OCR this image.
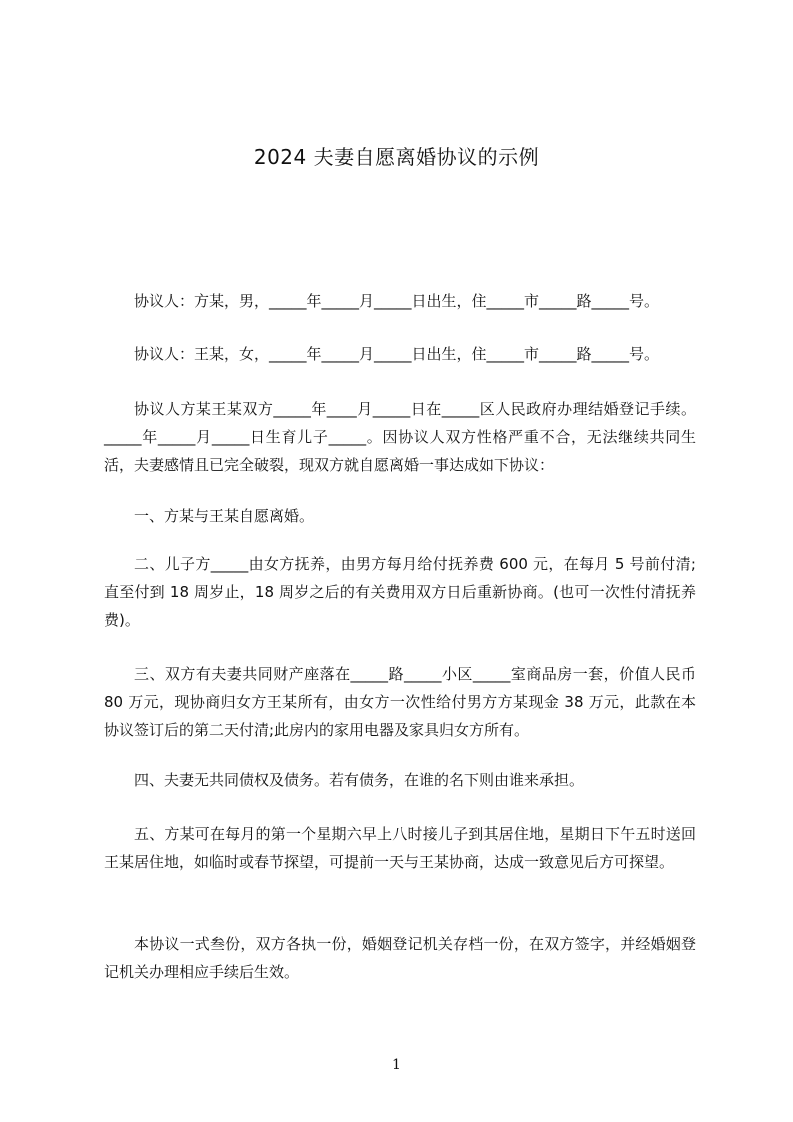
2024 夫妻自愿离婚协议的示例

协议人：方某，男，_____年_____月_____日出生，住_____市_____路_____号。

协议人：王某，女，_____年_____月_____日出生，住_____市_____路_____号。

协议人方某王某双方_____年____月_____日在_____区人民政府办理结婚登记手续。_____年_____月_____日生育儿子_____。因协议人双方性格严重不合，无法继续共同生活，夫妻感情且已完全破裂，现双方就自愿离婚一事达成如下协议：

一、方某与王某自愿离婚。

二、儿子方_____由女方抚养，由男方每月给付抚养费 600 元，在每月 5 号前付清;直至付到 18 周岁止，18 周岁之后的有关费用双方日后重新协商。(也可一次性付清抚养费)。

三、双方有夫妻共同财产座落在_____路_____小区_____室商品房一套，价值人民币 80 万元，现协商归女方王某所有，由女方一次性给付男方方某现金 38 万元，此款在本协议签订后的第二天付清;此房内的家用电器及家具归女方所有。

四、夫妻无共同债权及债务。若有债务，在谁的名下则由谁来承担。

五、方某可在每月的第一个星期六早上八时接儿子到其居住地，星期日下午五时送回王某居住地，如临时或春节探望，可提前一天与王某协商，达成一致意见后方可探望。

本协议一式叁份，双方各执一份，婚姻登记机关存档一份，在双方签字，并经婚姻登记机关办理相应手续后生效。

1
